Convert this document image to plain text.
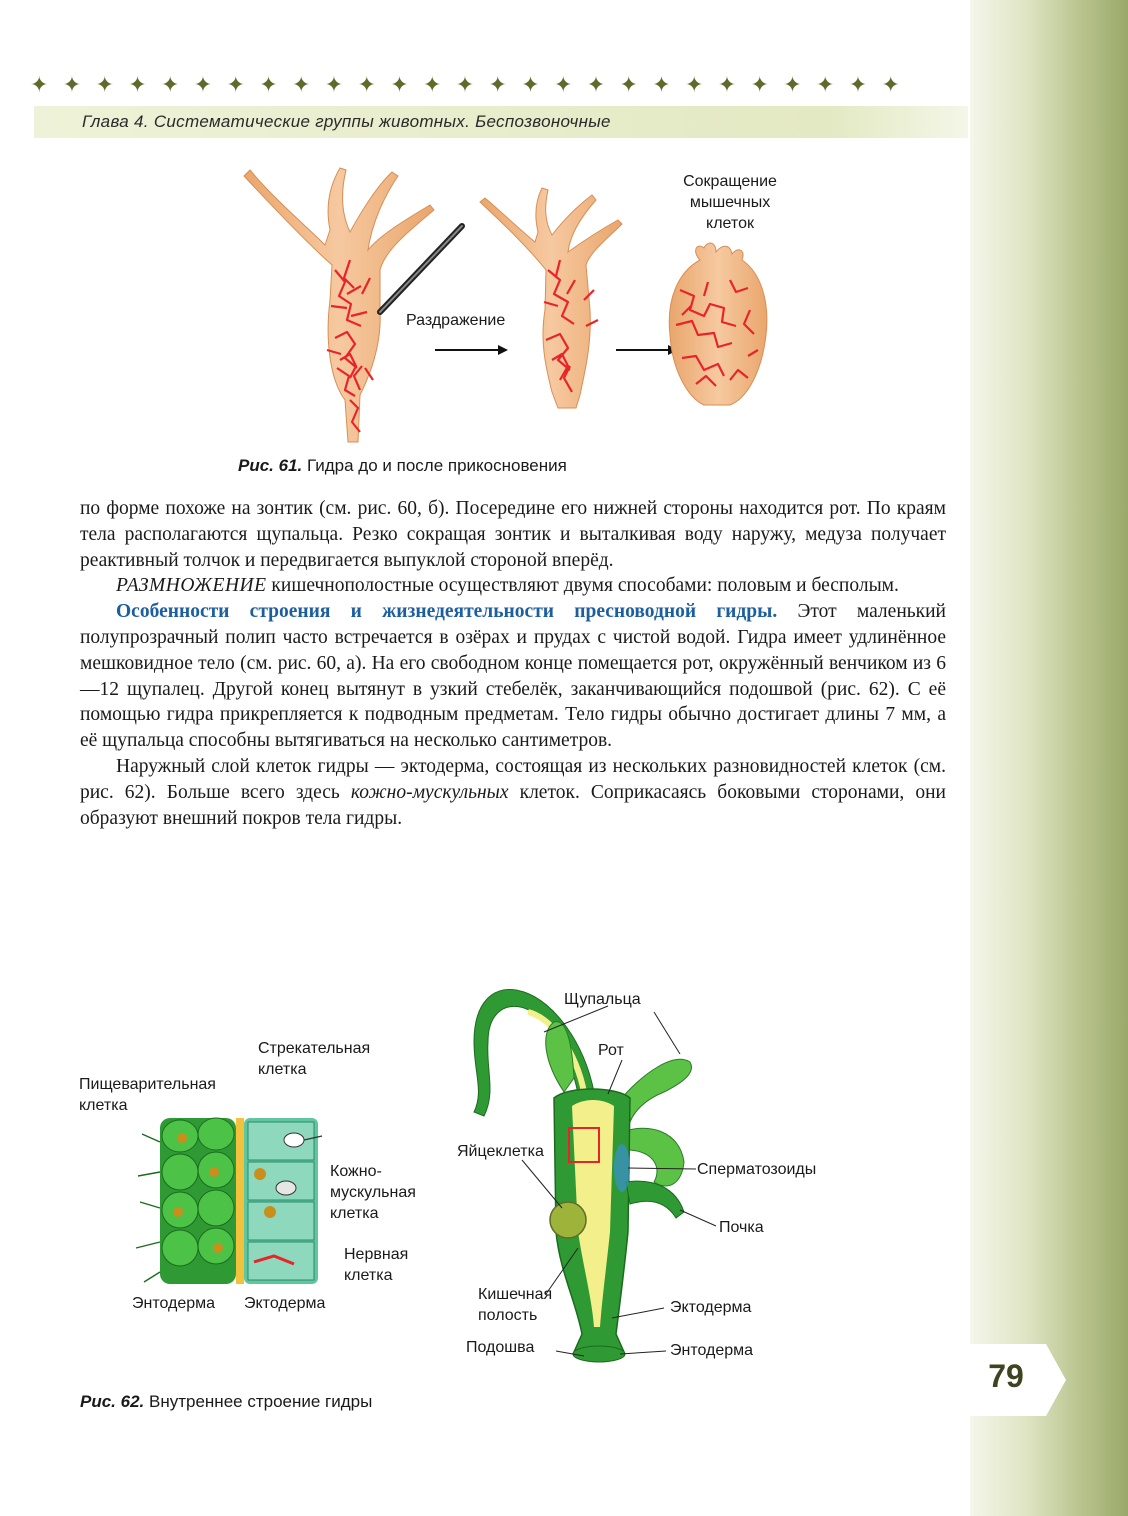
✦ ✦ ✦ ✦ ✦ ✦ ✦ ✦ ✦ ✦ ✦ ✦ ✦ ✦ ✦ ✦ ✦ ✦ ✦ ✦ ✦ ✦ ✦ ✦ ✦ ✦ ✦
Глава 4. Систематические группы животных. Беспозвоночные
Сокращение
мышечных
клеток
Раздражение
Рис. 61. Гидра до и после прикосновения

по форме похоже на зонтик (см. рис. 60, б). Посередине его нижней стороны находится рот. По краям тела располагаются щупальца. Резко сокращая зонтик и выталкивая воду наружу, медуза получает реактивный толчок и передвигается выпуклой стороной вперёд.

РАЗМНОЖЕНИЕ кишечнополостные осуществляют двумя способами: половым и бесполым.

Особенности строения и жизнедеятельности пресноводной гидры. Этот маленький полупрозрачный полип часто встречается в озёрах и прудах с чистой водой. Гидра имеет удлинённое мешковидное тело (см. рис. 60, а). На его свободном конце помещается рот, окружённый венчиком из 6—12 щупалец. Другой конец вытянут в узкий стебелёк, заканчивающийся подошвой (рис. 62). С её помощью гидра прикрепляется к подводным предметам. Тело гидры обычно достигает длины 7 мм, а её щупальца способны вытягиваться на несколько сантиметров.

Наружный слой клеток гидры — эктодерма, состоящая из нескольких разновидностей клеток (см. рис. 62). Больше всего здесь кожно-мускульных клеток. Соприкасаясь боковыми сторонами, они образуют внешний покров тела гидры.

Пищеварительная
клетка
Стрекательная
клетка
Кожно-
мускульная
клетка
Нервная
клетка
Энтодерма Эктодерма
Щупальца
Рот
Яйцеклетка
Сперматозоиды
Почка
Кишечная
полость	Эктодерма
Подошва	Энтодерма
Рис. 62. Внутреннее строение гидры
79
